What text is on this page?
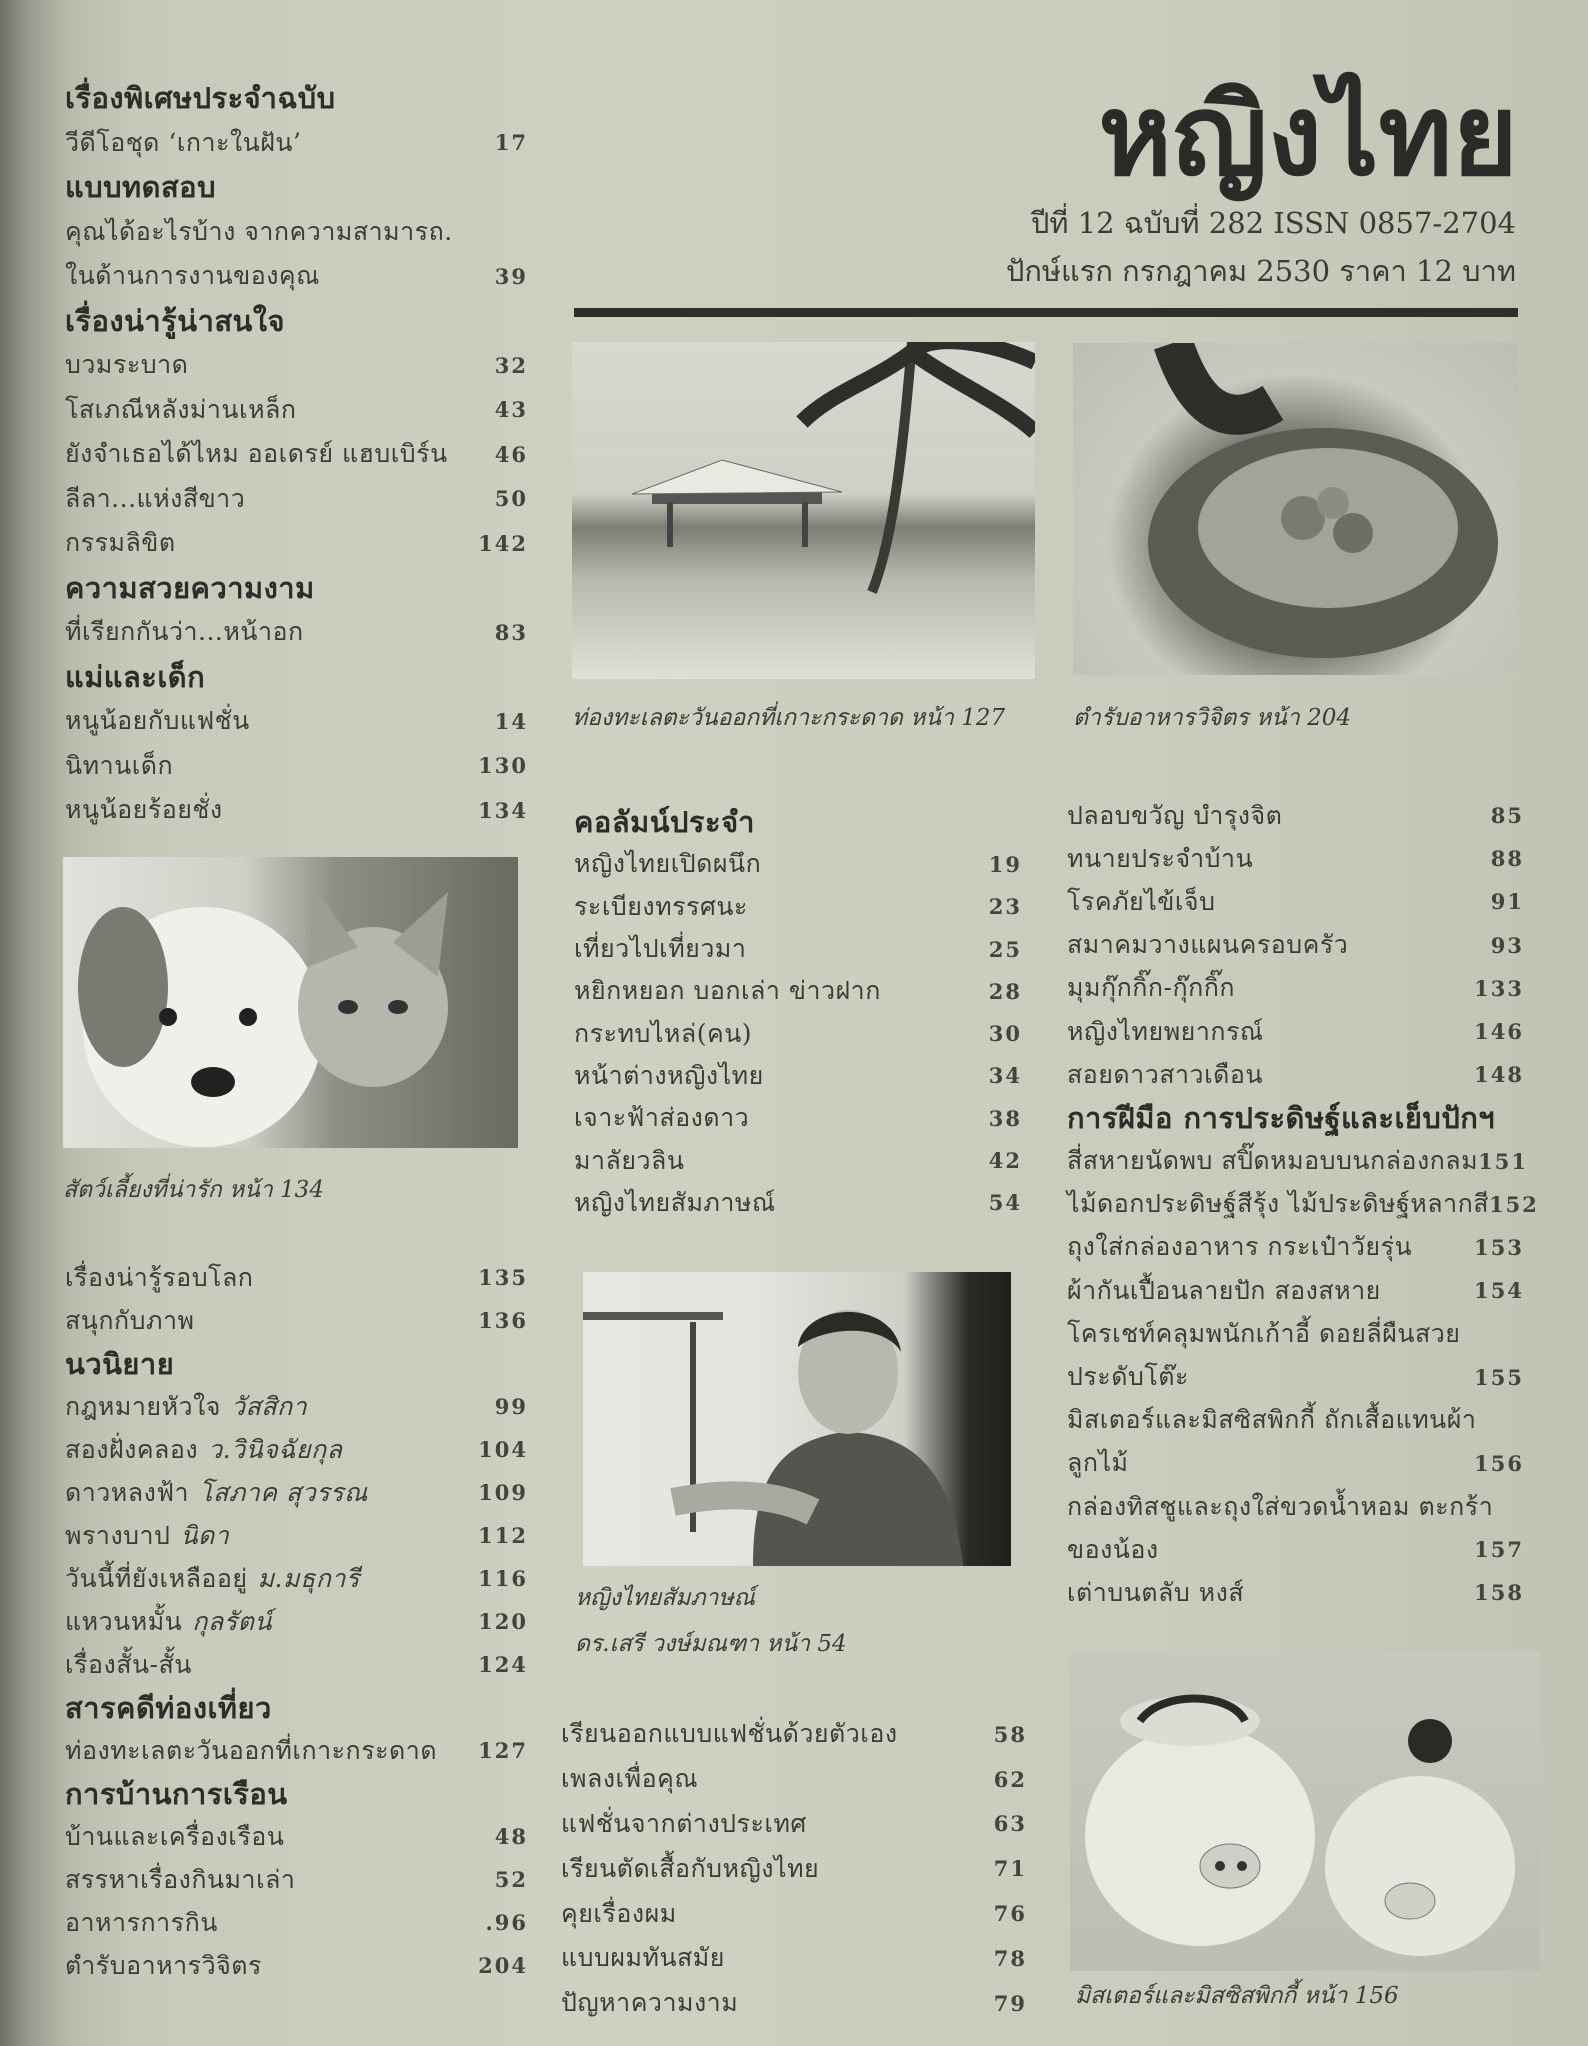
หญิงไทย
ปีที่ 12 ฉบับที่ 282 ISSN 0857-2704
ปักษ์แรก กรกฎาคม 2530 ราคา 12 บาท
เรื่องพิเศษประจำฉบับ
วีดีโอชุด ‘เกาะในฝัน’	17
แบบทดสอบ
คุณได้อะไรบ้าง จากความสามารถ.
ในด้านการงานของคุณ	39
เรื่องน่ารู้น่าสนใจ
บวมระบาด	32
โสเภณีหลังม่านเหล็ก	43
ยังจำเธอได้ไหม ออเดรย์ แฮบเบิร์น 46
ลีลา...แห่งสีขาว	50
กรรมลิขิต	142
ความสวยความงาม
ที่เรียกกันว่า...หน้าอก	83
แม่และเด็ก
หนูน้อยกับแฟชั่น	14
นิทานเด็ก	130
หนูน้อยร้อยชั่ง	134
เรื่องน่ารู้รอบโลก	135
สนุกกับภาพ	136
นวนิยาย
กฎหมายหัวใจ วัสสิกา	99
สองฝั่งคลอง ว.วินิจฉัยกุล	104
ดาวหลงฟ้า โสภาค สุวรรณ	109
พรางบาป นิดา	112
วันนี้ที่ยังเหลืออยู่ ม.มธุการี	116
แหวนหมั้น กุลรัตน์	120
เรื่องสั้น-สั้น	124
สารคดีท่องเที่ยว
ท่องทะเลตะวันออกที่เกาะกระดาด 127
การบ้านการเรือน
บ้านและเครื่องเรือน	48
สรรหาเรื่องกินมาเล่า	52
อาหารการกิน	.96
ตำรับอาหารวิจิตร	204
คอลัมน์ประจำ
หญิงไทยเปิดผนึก	19
ระเบียงทรรศนะ	23
เที่ยวไปเที่ยวมา	25
หยิกหยอก บอกเล่า ข่าวฝาก	28
กระทบไหล่(คน)	30
หน้าต่างหญิงไทย	34
เจาะฟ้าส่องดาว	38
มาลัยวลิน	42
หญิงไทยสัมภาษณ์	54
เรียนออกแบบแฟชั่นด้วยตัวเอง	58
เพลงเพื่อคุณ	62
แฟชั่นจากต่างประเทศ	63
เรียนตัดเสื้อกับหญิงไทย	71
คุยเรื่องผม	76
แบบผมทันสมัย	78
ปัญหาความงาม	79
ปลอบขวัญ บำรุงจิต	85
ทนายประจำบ้าน	88
โรคภัยไข้เจ็บ	91
สมาคมวางแผนครอบครัว	93
มุมกุ๊กกิ๊ก-กุ๊กกิ๊ก	133
หญิงไทยพยากรณ์	146
สอยดาวสาวเดือน	148
การฝีมือ การประดิษฐ์และเย็บปักฯ
สี่สหายนัดพบ สปิ๊ดหมอบบนกล่องกลม 151
ไม้ดอกประดิษฐ์สีรุ้ง ไม้ประดิษฐ์หลากสี 152
ถุงใส่กล่องอาหาร กระเป๋าวัยรุ่น	153
ผ้ากันเปื้อนลายปัก สองสหาย	154
โครเชท์คลุมพนักเก้าอี้ ดอยลี่ผืนสวย
ประดับโต๊ะ	155
มิสเตอร์และมิสซิสพิกกี้ ถักเสื้อแทนผ้า
ลูกไม้	156
กล่องทิสชูและถุงใส่ขวดน้ำหอม ตะกร้า
ของน้อง	157
เต่าบนตลับ หงส์	158
ท่องทะเลตะวันออกที่เกาะกระดาด หน้า 127	ตำรับอาหารวิจิตร หน้า 204
สัตว์เลี้ยงที่น่ารัก หน้า 134
หญิงไทยสัมภาษณ์
ดร.เสรี วงษ์มณฑา หน้า 54
มิสเตอร์และมิสซิสพิกกี้ หน้า 156
